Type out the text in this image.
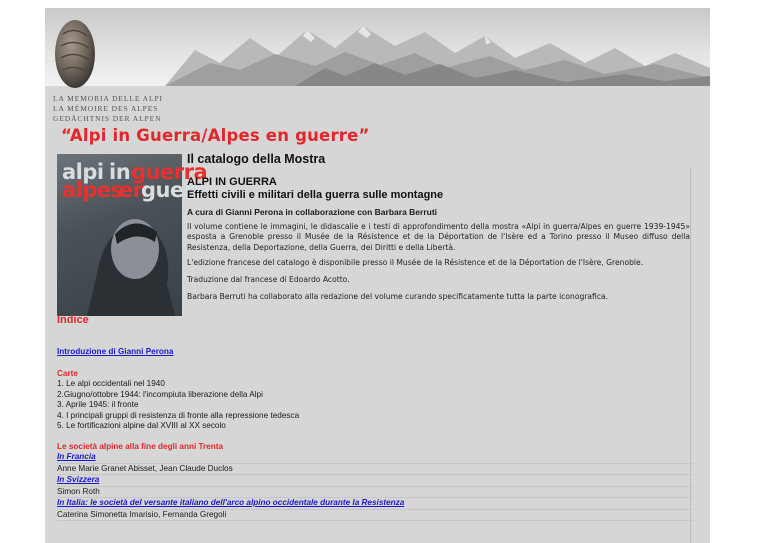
LA MEMORIA DELLE ALPI
LA MÉMOIRE DES ALPES
GEDÄCHTNIS DER ALPEN
“Alpi in Guerra/Alpes en guerre”
alpi in guerra
alpes
en
guerre
Il catalogo della Mostra

ALPI IN GUERRA

Effetti civili e militari della guerra sulle montagne

A cura di Gianni Perona in collaborazione con Barbara Berruti

Il volume contiene le immagini, le didascalie e i testi di approfondimento della mostra «Alpi in guerra/Alpes en guerre 1939-1945» esposta a Grenoble presso il Musée de la Résistence et de la Déportation de l'Isère ed a Torino presso il Museo diffuso della Resistenza, della Deportazione, della Guerra, dei Diritti e della Libertà.

L'edizione francese del catalogo è disponibile presso il Musée de la Résistence et de la Déportation de l'Isère, Grenoble.

Traduzione dal francese di Edoardo Acotto.

Barbara Berruti ha collaborato alla redazione del volume curando specificatamente tutta la parte iconografica.

Indice
Introduzione di Gianni Perona
Carte
1. Le alpi occidentali nel 1940
2.Giugno/ottobre 1944: l'incompiuta liberazione della Alpi
3. Aprile 1945: il fronte
4. I principali gruppi di resistenza di fronte alla repressione tedesca
5. Le fortificazioni alpine dal XVIII al XX secolo
Le società alpine alla fine degli anni Trenta
In Francia
Anne Marie Granet Abisset, Jean Claude Duclos
In Svizzera
Simon Roth
In Italia: le società del versante italiano dell'arco alpino occidentale durante la Resistenza
Caterina Simonetta Imarisio, Fernanda Gregoli
